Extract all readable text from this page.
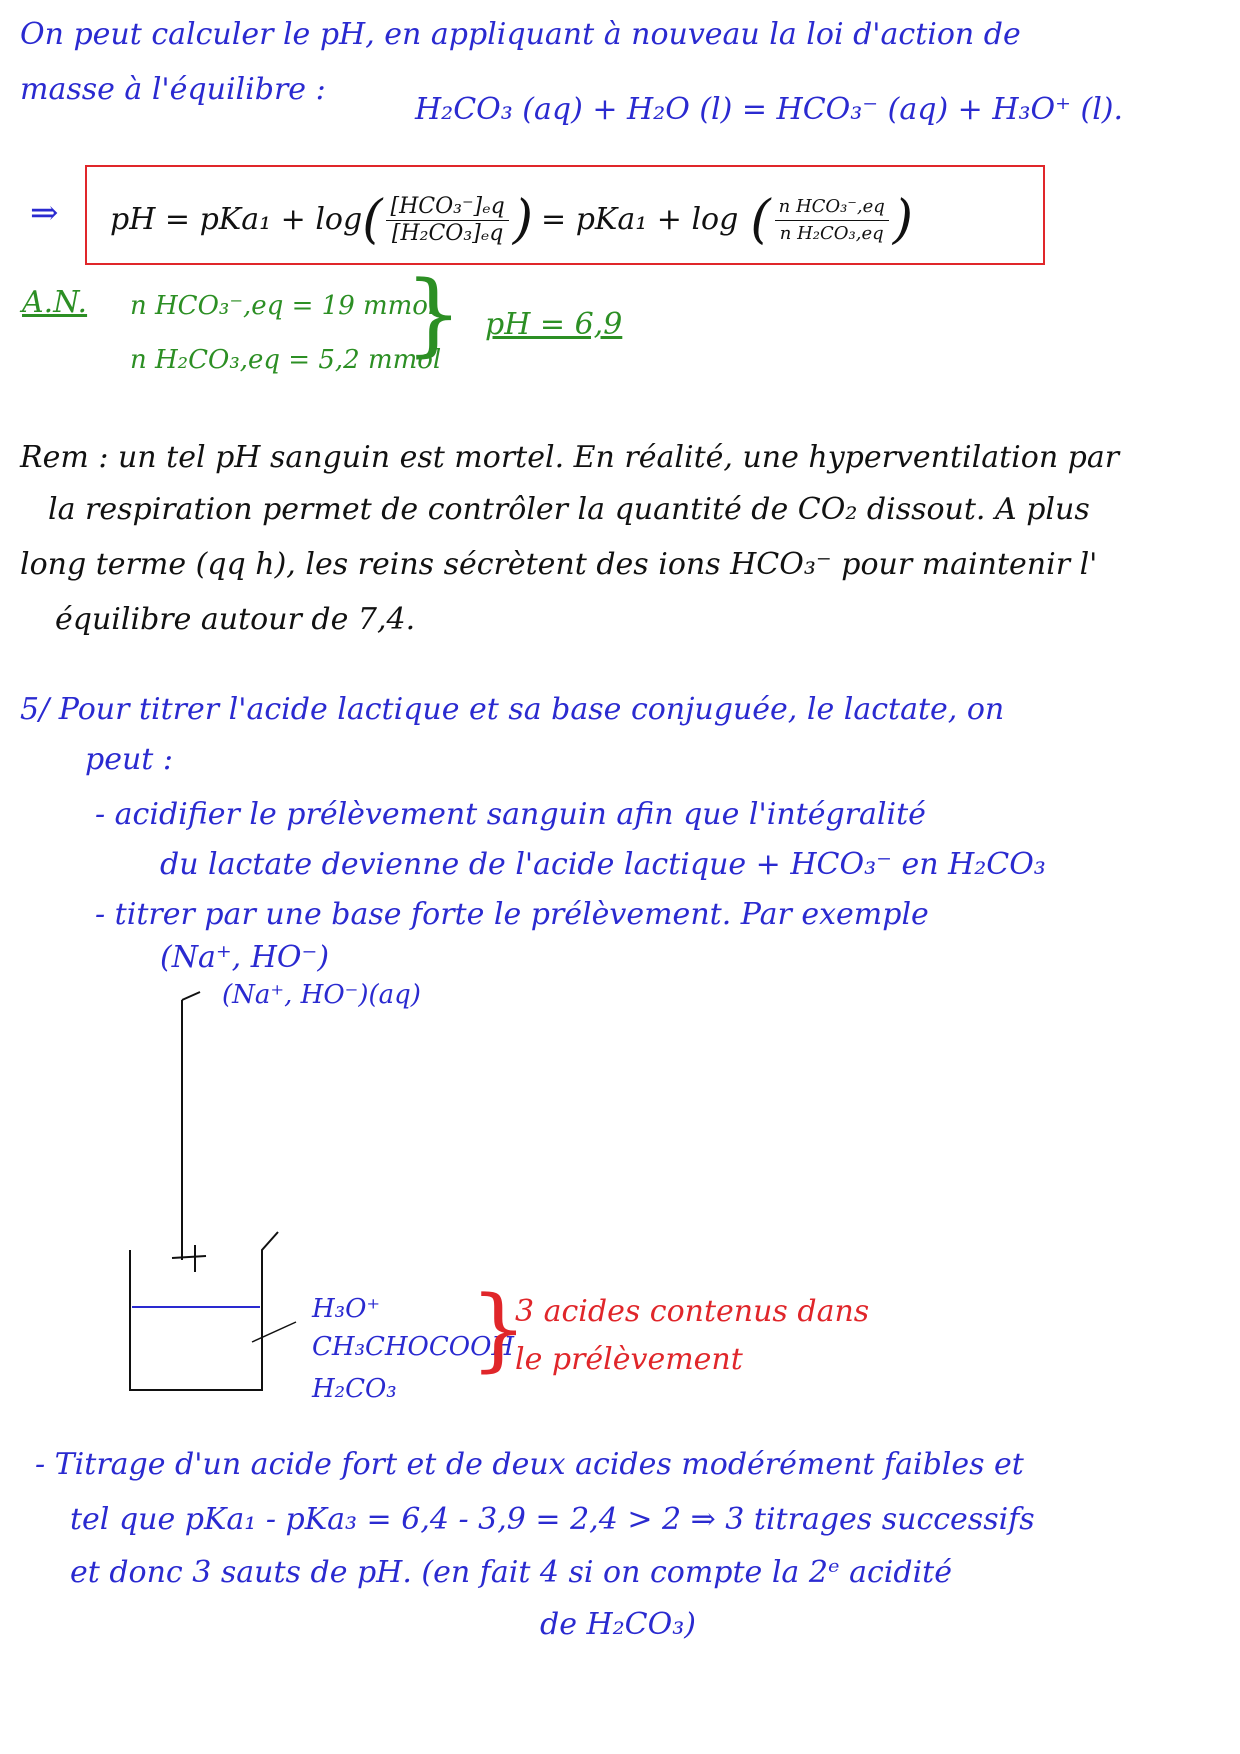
On peut calculer le pH, en appliquant à nouveau la loi d'action de
masse à l'équilibre :
H₂CO₃ (aq) + H₂O (l) = HCO₃⁻ (aq) + H₃O⁺ (l).
⇒ pH = pKa₁ + log ( $\frac{\text{[HCO₃⁻]ₑq}}{\text{[H₂CO₃]ₑq}}$ ) = pKa₁ + log ( $\frac{\text{n HCO₃⁻,eq}}{\text{n H₂CO₃,eq}}$ )
A.N. n HCO₃⁻,eq = 19 mmol
n H₂CO₃,eq = 5,2 mmol
} pH = 6,9
Rem : un tel pH sanguin est mortel. En réalité, une hyperventilation par
la respiration permet de contrôler la quantité de CO₂ dissout. A plus
long terme (qq h), les reins sécrètent des ions HCO₃⁻ pour maintenir l'
équilibre autour de 7,4.
5/ Pour titrer l'acide lactique et sa base conjuguée, le lactate, on
peut :
- acidifier le prélèvement sanguin afin que l'intégralité
du lactate devienne de l'acide lactique + HCO₃⁻ en H₂CO₃
- titrer par une base forte le prélèvement. Par exemple
(Na⁺, HO⁻)
(Na⁺, HO⁻)(aq)
H₃O⁺
CH₃CHOCOOH
H₂CO₃
}
3 acides contenus dans
le prélèvement
- Titrage d'un acide fort et de deux acides modérément faibles et
tel que pKa₁ - pKa₃ = 6,4 - 3,9 = 2,4 > 2 ⇒ 3 titrages successifs
et donc 3 sauts de pH. (en fait 4 si on compte la 2ᵉ acidité
de H₂CO₃)
